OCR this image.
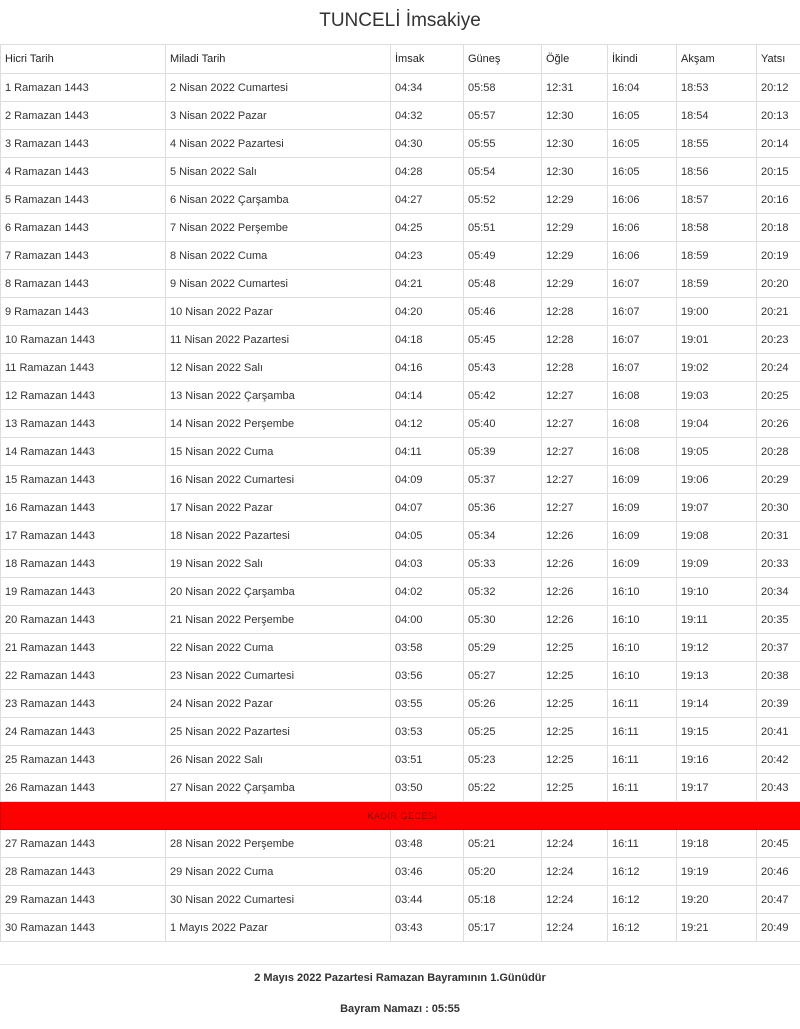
TUNCELİ İmsakiye
Hicri Tarih	Miladi Tarih	İmsak	Güneş	Öğle	İkindi	Akşam	Yatsı
1 Ramazan 1443	2 Nisan 2022 Cumartesi	04:34	05:58	12:31	16:04	18:53	20:12
2 Ramazan 1443	3 Nisan 2022 Pazar	04:32	05:57	12:30	16:05	18:54	20:13
3 Ramazan 1443	4 Nisan 2022 Pazartesi	04:30	05:55	12:30	16:05	18:55	20:14
4 Ramazan 1443	5 Nisan 2022 Salı	04:28	05:54	12:30	16:05	18:56	20:15
5 Ramazan 1443	6 Nisan 2022 Çarşamba	04:27	05:52	12:29	16:06	18:57	20:16
6 Ramazan 1443	7 Nisan 2022 Perşembe	04:25	05:51	12:29	16:06	18:58	20:18
7 Ramazan 1443	8 Nisan 2022 Cuma	04:23	05:49	12:29	16:06	18:59	20:19
8 Ramazan 1443	9 Nisan 2022 Cumartesi	04:21	05:48	12:29	16:07	18:59	20:20
9 Ramazan 1443	10 Nisan 2022 Pazar	04:20	05:46	12:28	16:07	19:00	20:21
10 Ramazan 1443	11 Nisan 2022 Pazartesi	04:18	05:45	12:28	16:07	19:01	20:23
11 Ramazan 1443	12 Nisan 2022 Salı	04:16	05:43	12:28	16:07	19:02	20:24
12 Ramazan 1443	13 Nisan 2022 Çarşamba	04:14	05:42	12:27	16:08	19:03	20:25
13 Ramazan 1443	14 Nisan 2022 Perşembe	04:12	05:40	12:27	16:08	19:04	20:26
14 Ramazan 1443	15 Nisan 2022 Cuma	04:11	05:39	12:27	16:08	19:05	20:28
15 Ramazan 1443	16 Nisan 2022 Cumartesi	04:09	05:37	12:27	16:09	19:06	20:29
16 Ramazan 1443	17 Nisan 2022 Pazar	04:07	05:36	12:27	16:09	19:07	20:30
17 Ramazan 1443	18 Nisan 2022 Pazartesi	04:05	05:34	12:26	16:09	19:08	20:31
18 Ramazan 1443	19 Nisan 2022 Salı	04:03	05:33	12:26	16:09	19:09	20:33
19 Ramazan 1443	20 Nisan 2022 Çarşamba	04:02	05:32	12:26	16:10	19:10	20:34
20 Ramazan 1443	21 Nisan 2022 Perşembe	04:00	05:30	12:26	16:10	19:11	20:35
21 Ramazan 1443	22 Nisan 2022 Cuma	03:58	05:29	12:25	16:10	19:12	20:37
22 Ramazan 1443	23 Nisan 2022 Cumartesi	03:56	05:27	12:25	16:10	19:13	20:38
23 Ramazan 1443	24 Nisan 2022 Pazar	03:55	05:26	12:25	16:11	19:14	20:39
24 Ramazan 1443	25 Nisan 2022 Pazartesi	03:53	05:25	12:25	16:11	19:15	20:41
25 Ramazan 1443	26 Nisan 2022 Salı	03:51	05:23	12:25	16:11	19:16	20:42
26 Ramazan 1443	27 Nisan 2022 Çarşamba	03:50	05:22	12:25	16:11	19:17	20:43
KADİR GECESİ							
27 Ramazan 1443	28 Nisan 2022 Perşembe	03:48	05:21	12:24	16:11	19:18	20:45
28 Ramazan 1443	29 Nisan 2022 Cuma	03:46	05:20	12:24	16:12	19:19	20:46
29 Ramazan 1443	30 Nisan 2022 Cumartesi	03:44	05:18	12:24	16:12	19:20	20:47
30 Ramazan 1443	1 Mayıs 2022 Pazar	03:43	05:17	12:24	16:12	19:21	20:49
2 Mayıs 2022 Pazartesi Ramazan Bayramının 1.Günüdür
Bayram Namazı : 05:55
